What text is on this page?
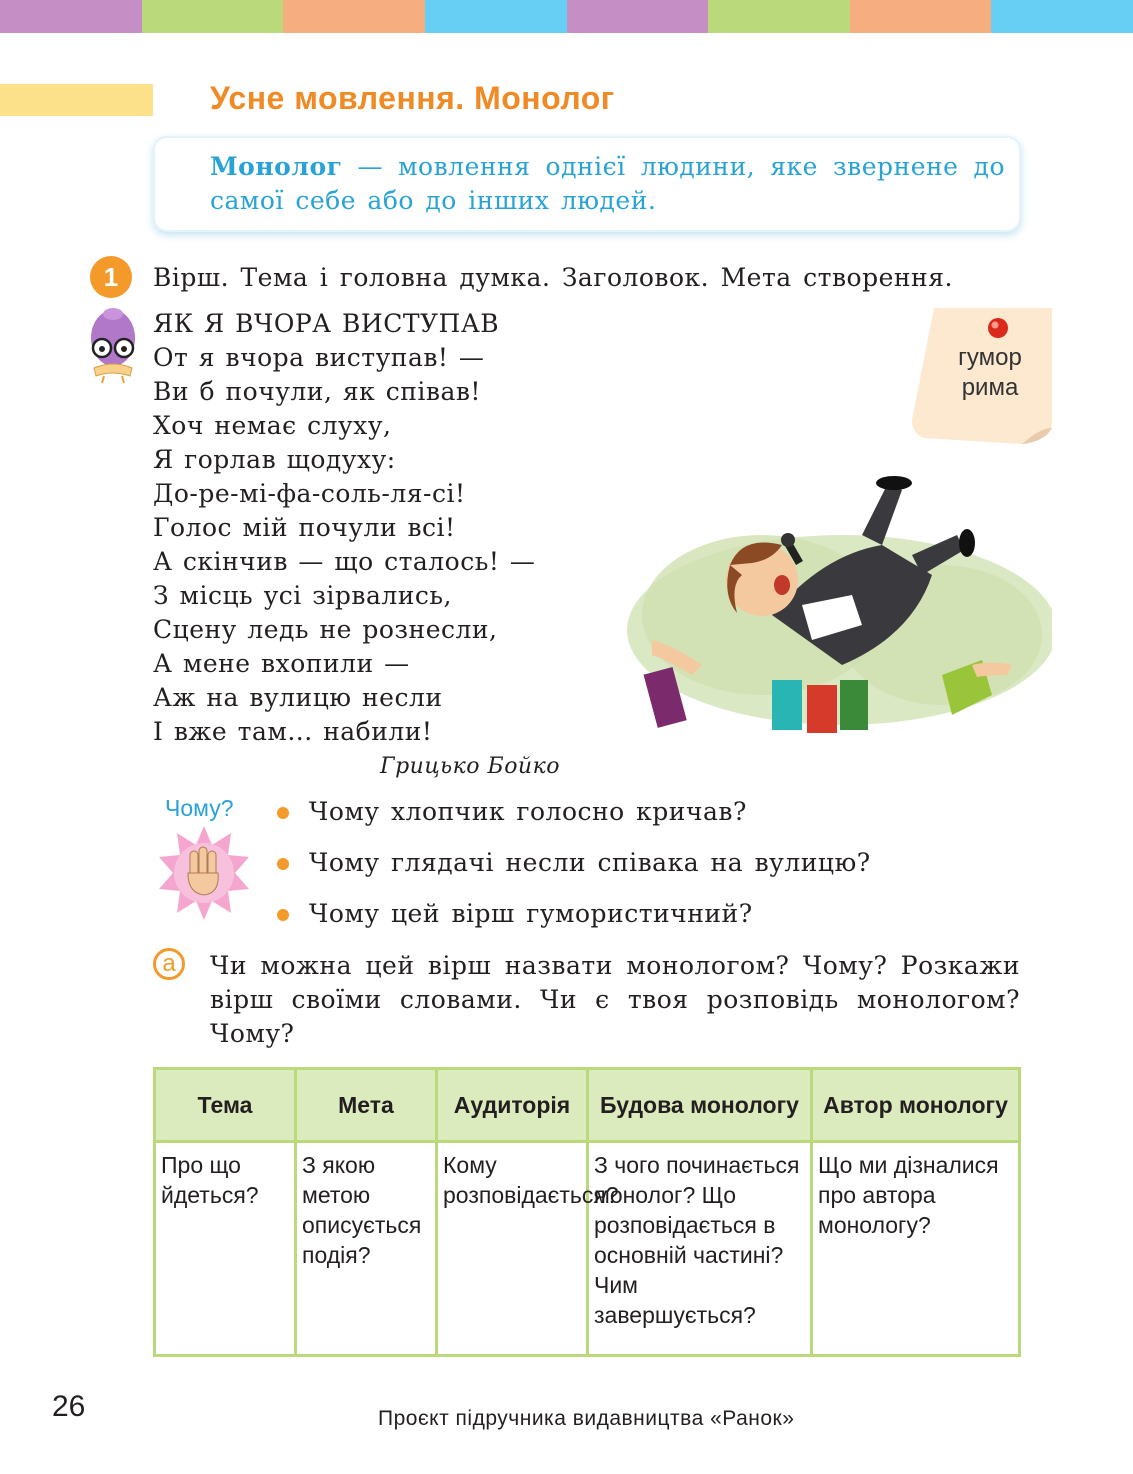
Усне мовлення. Монолог
Монолог — мовлення однієї людини, яке звернене до самої себе або до інших людей.
1	Вірш. Тема і головна думка. Заголовок. Мета створення.
ЯК Я ВЧОРА ВИСТУПАВ
От я вчора виступав! —
Ви б почули, як співав!
Хоч немає слуху,
Я горлав щодуху:
До-ре-мі-фа-соль-ля-сі!
Голос мій почули всі!
А скінчив — що сталось! —
З місць усі зірвались,
Сцену ледь не рознесли,
А мене вхопили —
Аж на вулицю несли
І вже там... набили!
Грицько Бойко
гумор
рима
Чому?	Чому хлопчик голосно кричав?
Чому глядачі несли співака на вулицю?
Чому цей вірш гумористичний?
а	Чи можна цей вірш назвати монологом? Чому? Розкажи вірш своїми словами. Чи є твоя розповідь монологом? Чому?
Тема	Мета	Аудиторія	Будова монологу	Автор монологу
Про що йдеться?	З якою метою описується подія?	Кому розповідається?	З чого починається монолог? Що розповідається в основній частині? Чим завершується?	Що ми дізналися про автора монологу?
26	Проєкт підручника видавництва «Ранок»
